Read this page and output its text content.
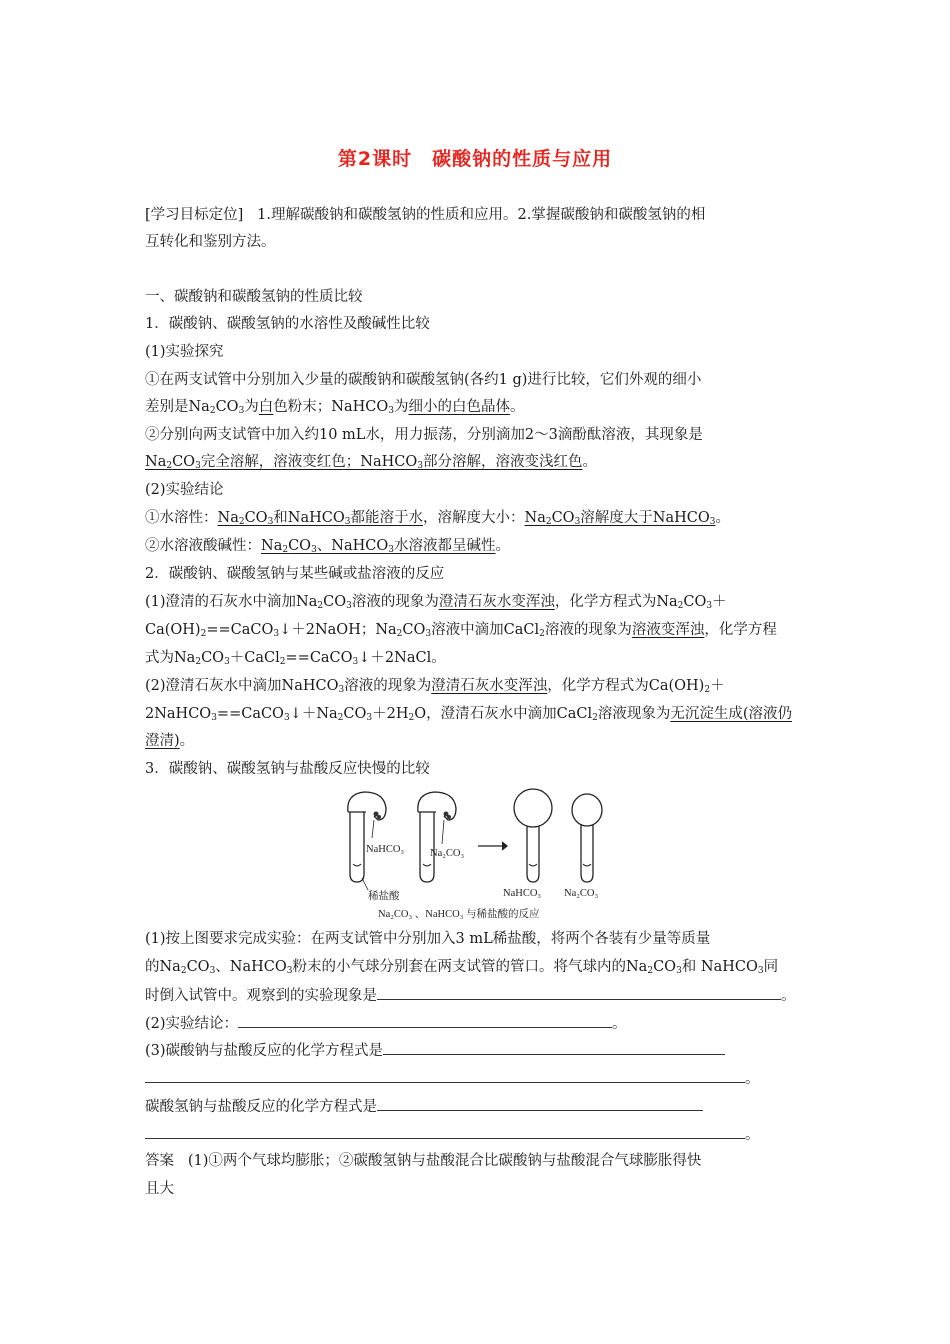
第2课时　碳酸钠的性质与应用
[学习目标定位] 1.理解碳酸钠和碳酸氢钠的性质和应用。2.掌握碳酸钠和碳酸氢钠的相
互转化和鉴别方法。
一、碳酸钠和碳酸氢钠的性质比较
1．碳酸钠、碳酸氢钠的水溶性及酸碱性比较
(1)实验探究
①在两支试管中分别加入少量的碳酸钠和碳酸氢钠(各约1 g)进行比较，它们外观的细小
差别是$Na_2CO_3$为白色粉末；NaHCO$_3$为细小的白色晶体。
②分别向两支试管中加入约10 mL水，用力振荡，分别滴加2～3滴酚酞溶液，其现象是
$Na_2CO_3$完全溶解，溶液变红色；NaHCO$_3$部分溶解，溶液变浅红色。
(2)实验结论
①水溶性：$Na_2CO_3$和NaHCO$_3$都能溶于水，溶解度大小：$Na_2CO_3$溶解度大于NaHCO$_3$。
②水溶液酸碱性：$Na_2CO_3$、NaHCO$_3$水溶液都呈碱性。
2．碳酸钠、碳酸氢钠与某些碱或盐溶液的反应
(1)澄清的石灰水中滴加$Na_2CO_3$溶液的现象为澄清石灰水变浑浊，化学方程式为$Na_2CO_3+$
$Ca(OH)_2==CaCO_3↓+2NaOH$；$Na_2CO_3$溶液中滴加CaCl$_2$溶液的现象为溶液变浑浊，化学方程
式为$Na_2CO_3+CaCl_2==CaCO_3↓+2NaCl$。
(2)澄清石灰水中滴加NaHCO$_3$溶液的现象为澄清石灰水变浑浊，化学方程式为$Ca(OH)_2+$
$2NaHCO_3==CaCO_3↓+Na_2CO_3+2H_2O$，澄清石灰水中滴加CaCl$_2$溶液现象为无沉淀生成(溶液仍
澄清)。
3．碳酸钠、碳酸氢钠与盐酸反应快慢的比较
NaHCO₃ Na₂CO₃
稀盐酸	NaHCO₃ Na₂CO₃
Na₂CO₃ 、NaHCO₃ 与稀盐酸的反应
(1)按上图要求完成实验：在两支试管中分别加入3 mL稀盐酸，将两个各装有少量等质量
的$Na_2CO_3$、NaHCO$_3$粉末的小气球分别套在两支试管的管口。将气球内的$Na_2CO_3$和 NaHCO$_3$同
时倒入试管中。观察到的实验现象是	。
(2)实验结论：	。
(3)碳酸钠与盐酸反应的化学方程式是
。
碳酸氢钠与盐酸反应的化学方程式是
。
答案 (1)①两个气球均膨胀；②碳酸氢钠与盐酸混合比碳酸钠与盐酸混合气球膨胀得快
且大
